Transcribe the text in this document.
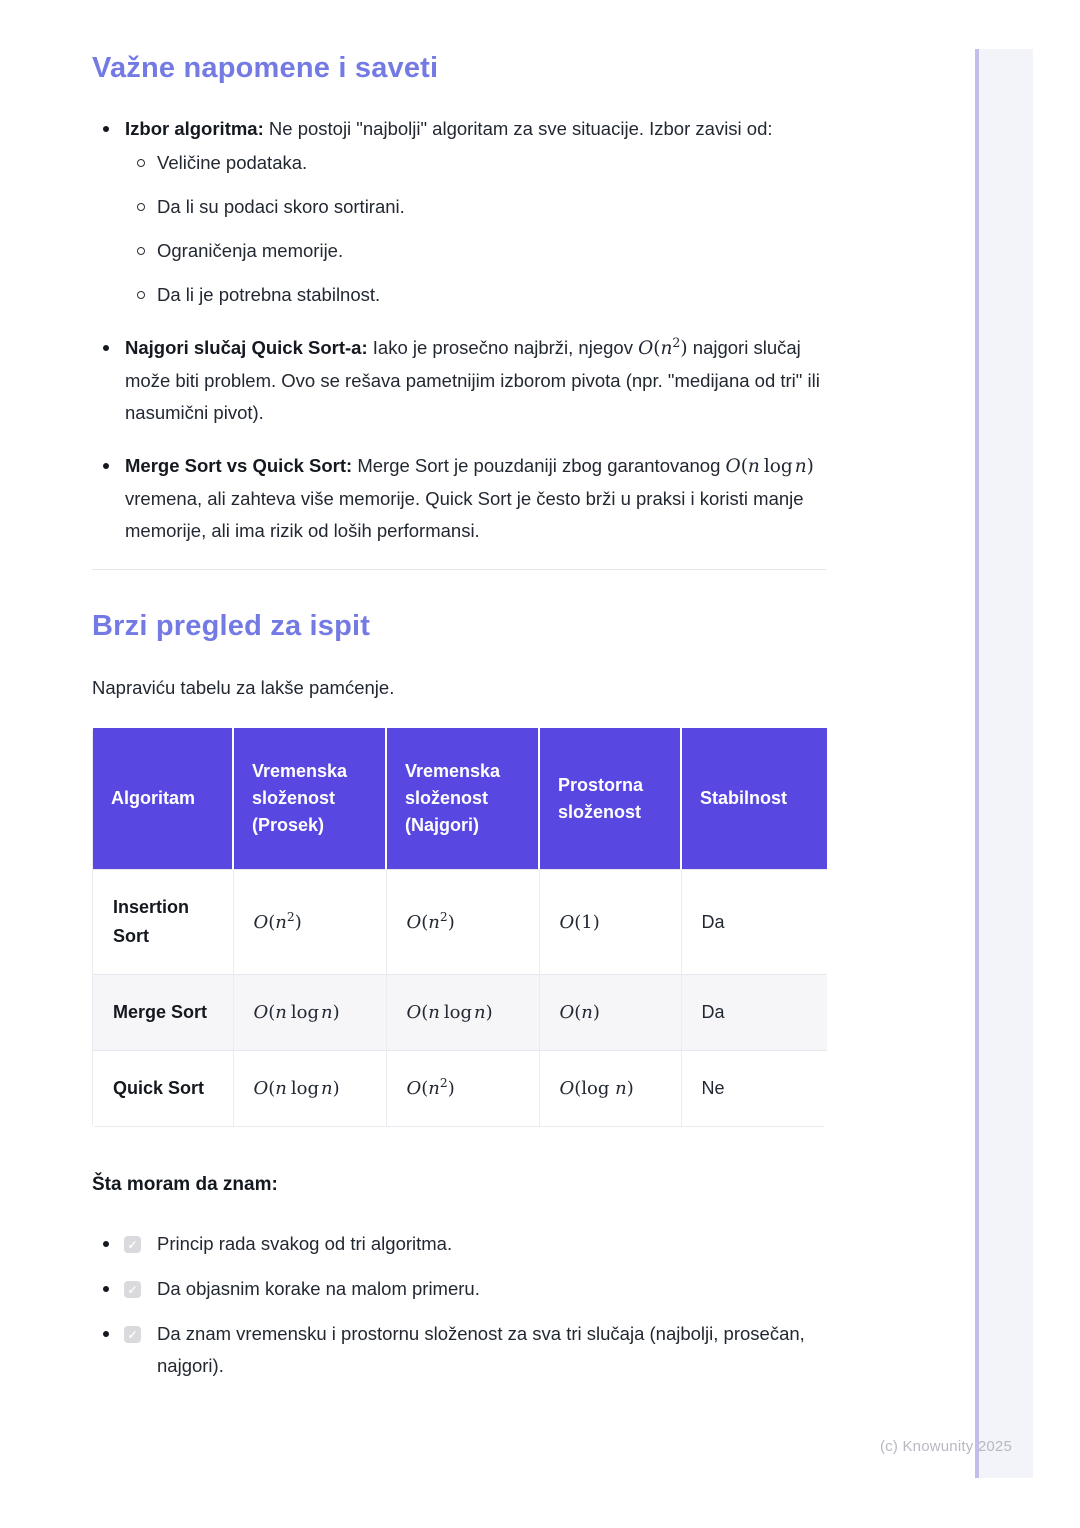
(c) Knowunity 2025
Važne napomene i saveti
Izbor algoritma: Ne postoji "najbolji" algoritam za sve situacije. Izbor zavisi od:
Veličine podataka.
Da li su podaci skoro sortirani.
Ograničenja memorije.
Da li je potrebna stabilnost.
Najgori slučaj Quick Sort-a: Iako je prosečno najbrži, njegov $O(n^2)$ najgori slučaj može biti problem. Ovo se rešava pametnijim izborom pivota (npr. "medijana od tri" ili nasumični pivot).
Merge Sort vs Quick Sort: Merge Sort je pouzdaniji zbog garantovanog O(n log n) vremena, ali zahteva više memorije. Quick Sort je često brži u praksi i koristi manje memorije, ali ima rizik od loših performansi.
Brzi pregled za ispit

Napraviću tabelu za lakše pamćenje.

Algoritam	Vremenska složenost (Prosek)	Vremenska složenost (Najgori)	Prostorna složenost	Stabilnost
Insertion Sort	$O(n^2)$	$O(n^2)$	O(1)	Da
Merge Sort	O(n log n)	O(n log n)	O(n)	Da
Quick Sort	O(n log n)	$O(n^2)$	O(log n)	Ne

Šta moram da znam:

✓ Princip rada svakog od tri algoritma.
✓ Da objasnim korake na malom primeru.
✓ Da znam vremensku i prostornu složenost za sva tri slučaja (najbolji, prosečan, najgori).
